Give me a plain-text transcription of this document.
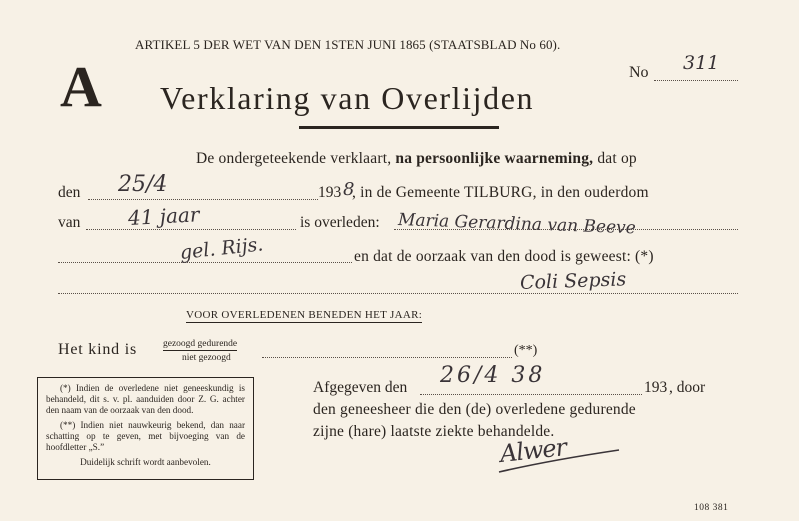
ARTIKEL 5 DER WET VAN DEN 1STEN JUNI 1865 (STAATSBLAD No 60).
A Verklaring van Overlijden
No 311
De ondergeteekende verklaart, na persoonlijke waarneming, dat op
den 25/4	193 8
, in de Gemeente TILBURG, in den ouderdom
van 41 jaar	is overleden: Maria Gerardina van Beeve
gel. Rijs.	en dat de oorzaak van den dood is geweest: (*)
Coli Sepsis
VOOR OVERLEDENEN BENEDEN HET JAAR:
Het kind is	gezoogd gedurende
niet gezoogd	(**)

(*) Indien de overledene niet geneeskundig is behandeld, dit s. v. pl. aanduiden door Z. G. achter den naam van de oorzaak van den dood.

(**) Indien niet nauwkeurig bekend, dan naar schatting op te geven, met bijvoeging van de hoofdletter „S.”

Duidelijk schrift wordt aanbevolen.

Afgegeven den 26/4 38	193 , door
den geneesheer die den (de) overledene gedurende
zijne (hare) laatste ziekte behandelde.
Alwer
108 381
